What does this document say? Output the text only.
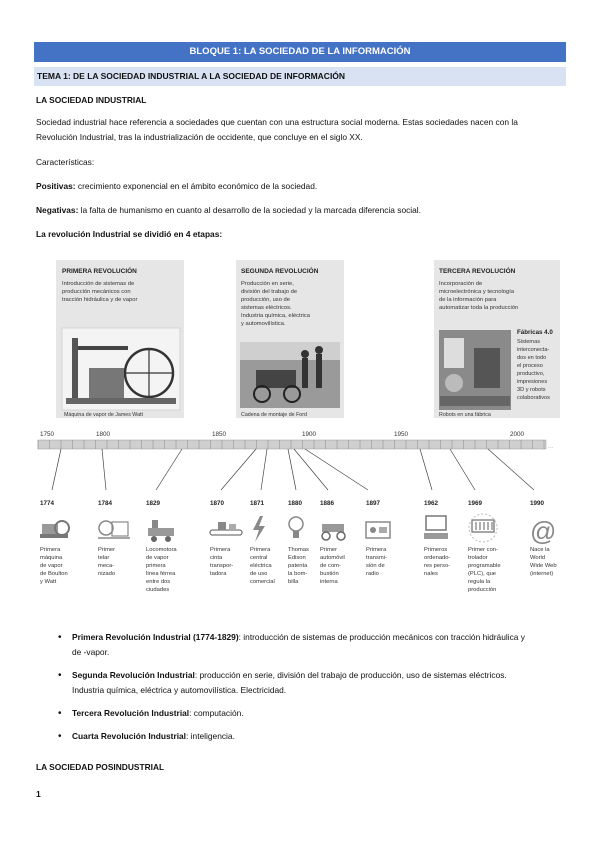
BLOQUE 1: LA SOCIEDAD DE LA INFORMACIÓN
TEMA 1: DE LA SOCIEDAD INDUSTRIAL A LA SOCIEDAD DE INFORMACIÓN
LA SOCIEDAD INDUSTRIAL
Sociedad industrial hace referencia a sociedades que cuentan con una estructura social moderna. Estas sociedades nacen con la
Revolución Industrial, tras la industrialización de occidente, que concluye en el siglo XX.
Características:
Positivas: crecimiento exponencial en el ámbito económico de la sociedad.
Negativas: la falta de humanismo en cuanto al desarrollo de la sociedad y la marcada diferencia social.
La revolución Industrial se dividió en 4 etapas:
PRIMERA REVOLUCIÓN
Introducción de sistemas de
producción mecánicos con
tracción hidráulica y de vapor
Máquina de vapor de James Watt
SEGUNDA REVOLUCIÓN
Producción en serie,
división del trabajo de
producción, uso de
sistemas eléctricos.
Industria química, eléctrica
y automovilística.
Cadena de montaje de Ford
TERCERA REVOLUCIÓN
Incorporación de
microelectrónica y tecnología
de la información para
automatizar toda la producción
Fábricas 4.0
Sistemas
interconecta-
dos en todo
el proceso
productivo,
impresiones
3D y robots
colaborativos
Robots en una fábrica
1750	1800	1850	1900	1950	2000
...
1774
Primera
máquina
de vapor
de Boulton
y Watt
1784
Primer
telar
meca-
nizado
1829
Locomotora
de vapor
primera
línea férrea
entre dos
ciudades
1870
Primera
cinta
transpor-
tadora
1871
Primera
central
eléctrica
de uso
comercial
1880
Thomas
Edison
patenta
la bom-
billa
1886
Primer
automóvil
de com-
bustión
interna
1897
Primera
transmi-
sión de
radio
1962
Primeros
ordenado-
res perso-
nales
1969
Primer con-
trolador
programable
(PLC), que
regula la
producción
1990
@
Nace la
World
Wide Web
(internet)
• Primera Revolución Industrial (1774-1829): introducción de sistemas de producción mecánicos con tracción hidráulica y
de -vapor.
• Segunda Revolución Industrial: producción en serie, división del trabajo de producción, uso de sistemas eléctricos.
Industria química, eléctrica y automovilística. Electricidad.
• Tercera Revolución Industrial: computación.
• Cuarta Revolución Industrial: inteligencia.
LA SOCIEDAD POSINDUSTRIAL
1
